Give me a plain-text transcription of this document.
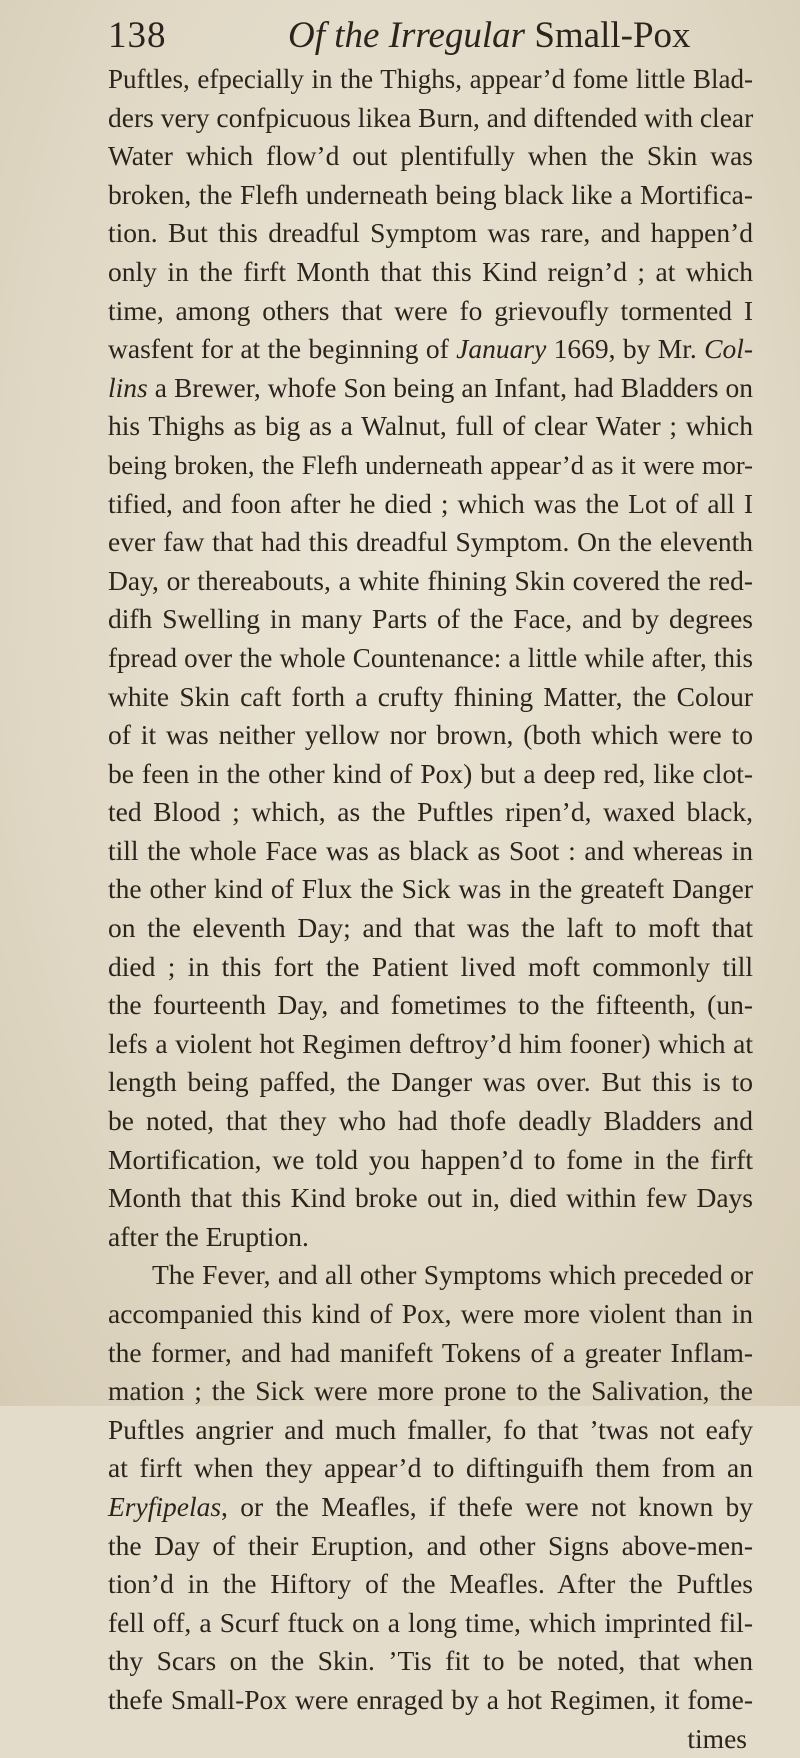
138	Of the Irregular Small-Pox
Puftles, efpecially in the Thighs, appear’d fome little Blad-
ders very confpicuous likea Burn, and diftended with clear
Water which flow’d out plentifully when the Skin was
broken, the Flefh underneath being black like a Mortifica-
tion. But this dreadful Symptom was rare, and happen’d
only in the firft Month that this Kind reign’d ; at which
time, among others that were fo grievoufly tormented I
wasfent for at the beginning of January 1669, by Mr. Col-
lins a Brewer, whofe Son being an Infant, had Bladders on
his Thighs as big as a Walnut, full of clear Water ; which
being broken, the Flefh underneath appear’d as it were mor-
tified, and foon after he died ; which was the Lot of all I
ever faw that had this dreadful Symptom. On the eleventh
Day, or thereabouts, a white fhining Skin covered the red-
difh Swelling in many Parts of the Face, and by degrees
fpread over the whole Countenance: a little while after, this
white Skin caft forth a crufty fhining Matter, the Colour
of it was neither yellow nor brown, (both which were to
be feen in the other kind of Pox) but a deep red, like clot-
ted Blood ; which, as the Puftles ripen’d, waxed black,
till the whole Face was as black as Soot : and whereas in
the other kind of Flux the Sick was in the greateft Danger
on the eleventh Day; and that was the laft to moft that
died ; in this fort the Patient lived moft commonly till
the fourteenth Day, and fometimes to the fifteenth, (un-
lefs a violent hot Regimen deftroy’d him fooner) which at
length being paffed, the Danger was over. But this is to
be noted, that they who had thofe deadly Bladders and
Mortification, we told you happen’d to fome in the firft
Month that this Kind broke out in, died within few Days
after the Eruption.
The Fever, and all other Symptoms which preceded or
accompanied this kind of Pox, were more violent than in
the former, and had manifeft Tokens of a greater Inflam-
mation ; the Sick were more prone to the Salivation, the
Puftles angrier and much fmaller, fo that ’twas not eafy
at firft when they appear’d to diftinguifh them from an
Eryfipelas, or the Meafles, if thefe were not known by
the Day of their Eruption, and other Signs above-men-
tion’d in the Hiftory of the Meafles. After the Puftles
fell off, a Scurf ftuck on a long time, which imprinted fil-
thy Scars on the Skin. ’Tis fit to be noted, that when
thefe Small-Pox were enraged by a hot Regimen, it fome-
times
